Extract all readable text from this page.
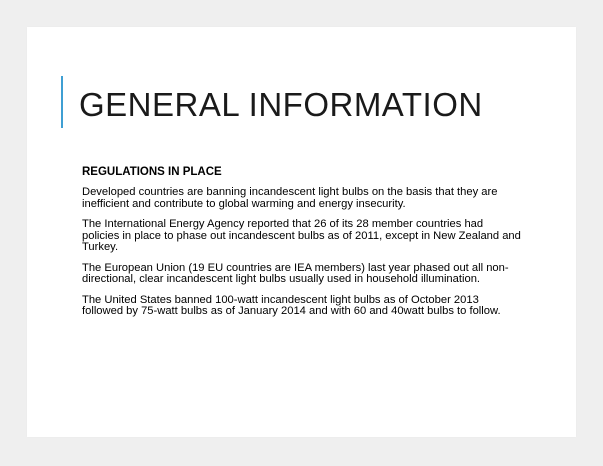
GENERAL INFORMATION

REGULATIONS IN PLACE

Developed countries are banning incandescent light bulbs on the basis that they are inefficient and contribute to global warming and energy insecurity.

The International Energy Agency reported that 26 of its 28 member countries had policies in place to phase out incandescent bulbs as of 2011, except in New Zealand and Turkey.

The European Union (19 EU countries are IEA members) last year phased out all non-directional, clear incandescent light bulbs usually used in household illumination.

The United States banned 100-watt incandescent light bulbs as of October 2013 followed by 75-watt bulbs as of January 2014 and with 60 and 40watt bulbs to follow.
